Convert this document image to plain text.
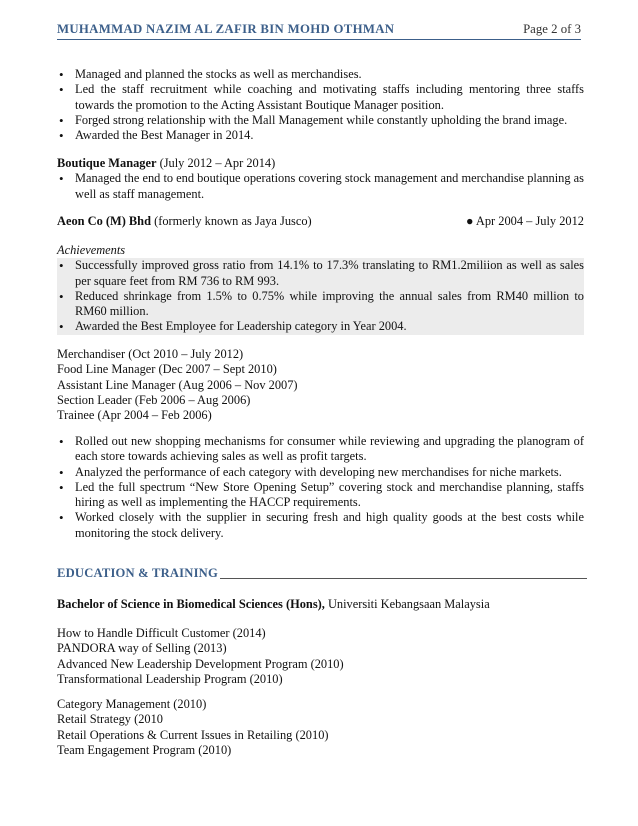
MUHAMMAD NAZIM AL ZAFIR BIN MOHD OTHMAN	Page 2 of 3
• Managed and planned the stocks as well as merchandises.
• Led the staff recruitment while coaching and motivating staffs including mentoring three staffs towards the promotion to the Acting Assistant Boutique Manager position.
• Forged strong relationship with the Mall Management while constantly upholding the brand image.
• Awarded the Best Manager in 2014.
Boutique Manager (July 2012 – Apr 2014)
• Managed the end to end boutique operations covering stock management and merchandise planning as well as staff management.
Aeon Co (M) Bhd (formerly known as Jaya Jusco)	● Apr 2004 – July 2012
Achievements
• Successfully improved gross ratio from 14.1% to 17.3% translating to RM1.2miliion as well as sales per square feet from RM 736 to RM 993.
• Reduced shrinkage from 1.5% to 0.75% while improving the annual sales from RM40 million to RM60 million.
• Awarded the Best Employee for Leadership category in Year 2004.
Merchandiser (Oct 2010 – July 2012)
Food Line Manager (Dec 2007 – Sept 2010)
Assistant Line Manager (Aug 2006 – Nov 2007)
Section Leader (Feb 2006 – Aug 2006)
Trainee (Apr 2004 – Feb 2006)
• Rolled out new shopping mechanisms for consumer while reviewing and upgrading the planogram of each store towards achieving sales as well as profit targets.
• Analyzed the performance of each category with developing new merchandises for niche markets.
• Led the full spectrum “New Store Opening Setup” covering stock and merchandise planning, staffs hiring as well as implementing the HACCP requirements.
• Worked closely with the supplier in securing fresh and high quality goods at the best costs while monitoring the stock delivery.
EDUCATION & TRAINING
Bachelor of Science in Biomedical Sciences (Hons), Universiti Kebangsaan Malaysia
How to Handle Difficult Customer (2014)
PANDORA way of Selling (2013)
Advanced New Leadership Development Program (2010)
Transformational Leadership Program (2010)
Category Management (2010)
Retail Strategy (2010
Retail Operations & Current Issues in Retailing (2010)
Team Engagement Program (2010)
